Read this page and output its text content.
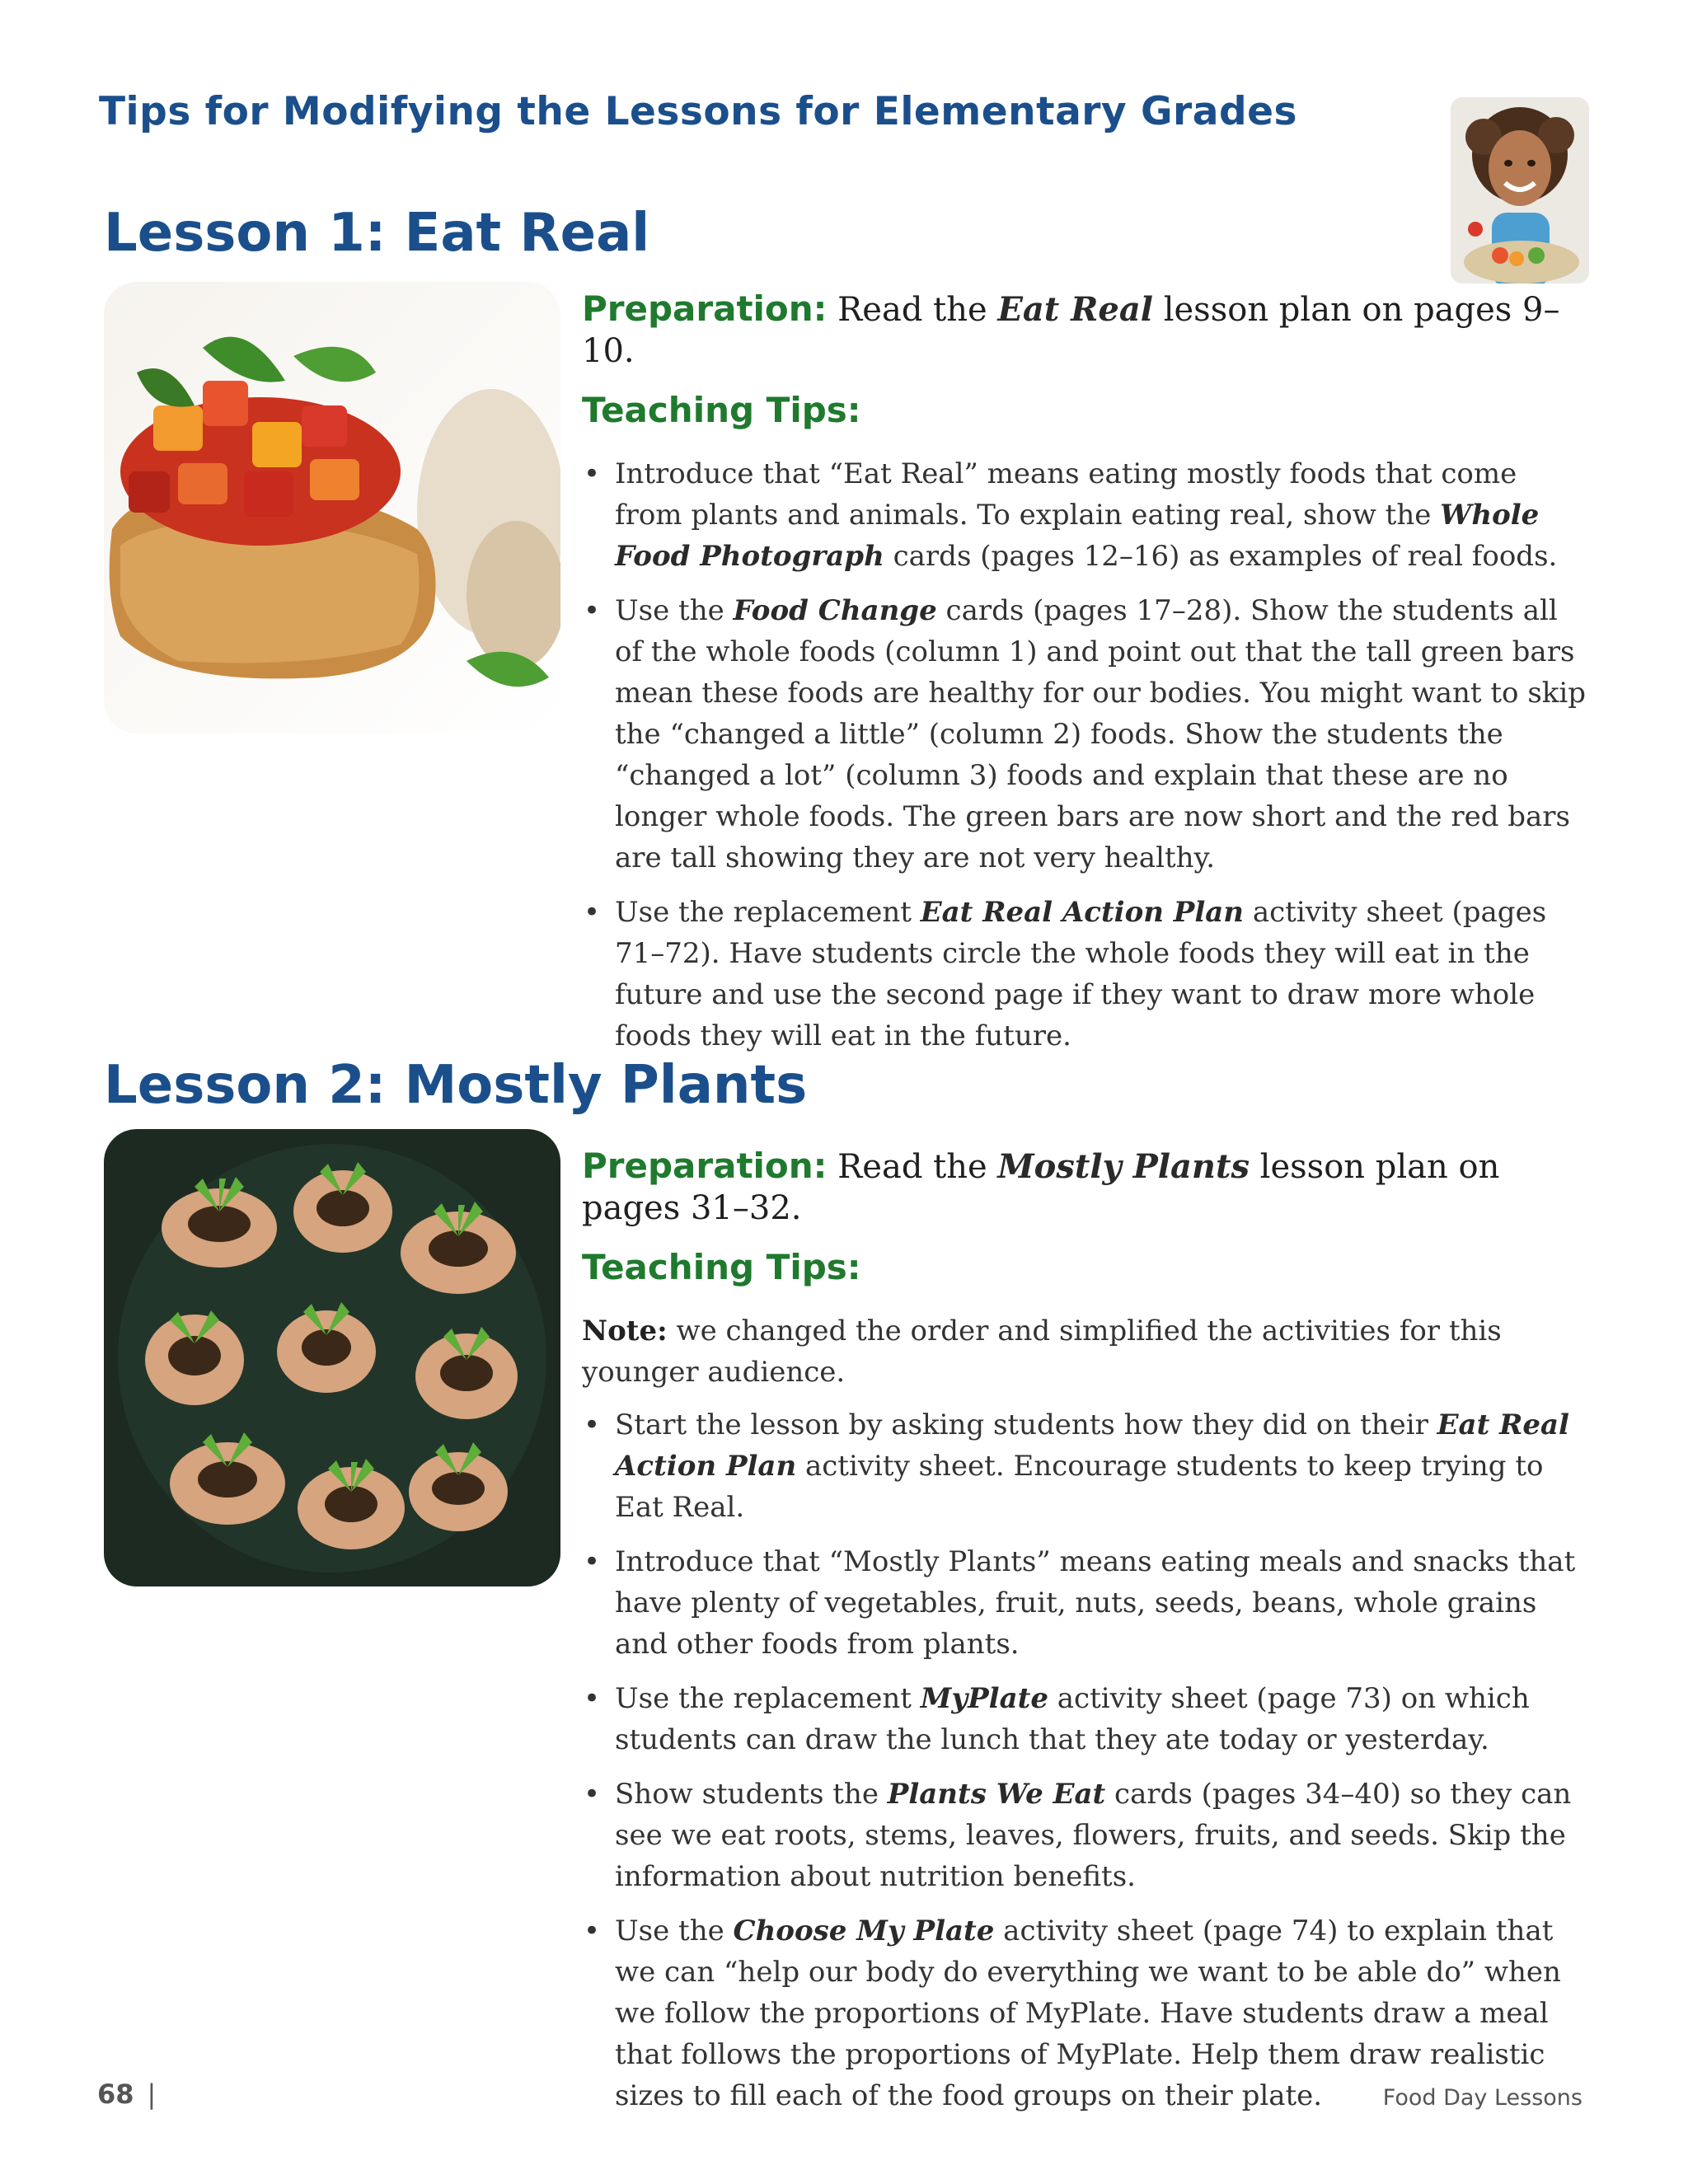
Tips for Modifying the Lessons for Elementary Grades
Lesson 1: Eat Real
Preparation: Read the Eat Real lesson plan on pages 9–10.
Teaching Tips:
• Introduce that “Eat Real” means eating mostly foods that come from plants and animals. To explain eating real, show the Whole Food Photograph cards (pages 12–16) as examples of real foods.
• Use the Food Change cards (pages 17–28). Show the students all of the whole foods (column 1) and point out that the tall green bars mean these foods are healthy for our bodies. You might want to skip the “changed a little” (column 2) foods. Show the students the “changed a lot” (column 3) foods and explain that these are no longer whole foods. The green bars are now short and the red bars are tall showing they are not very healthy.
• Use the replacement Eat Real Action Plan activity sheet (pages 71–72). Have students circle the whole foods they will eat in the future and use the second page if they want to draw more whole foods they will eat in the future.
Lesson 2: Mostly Plants
Preparation: Read the Mostly Plants lesson plan on pages 31–32.
Teaching Tips:
Note: we changed the order and simplified the activities for this younger audience.
• Start the lesson by asking students how they did on their Eat Real Action Plan activity sheet. Encourage students to keep trying to Eat Real.
• Introduce that “Mostly Plants” means eating meals and snacks that have plenty of vegetables, fruit, nuts, seeds, beans, whole grains and other foods from plants.
• Use the replacement MyPlate activity sheet (page 73) on which students can draw the lunch that they ate today or yesterday.
• Show students the Plants We Eat cards (pages 34–40) so they can see we eat roots, stems, leaves, flowers, fruits, and seeds. Skip the information about nutrition benefits.
• Use the Choose My Plate activity sheet (page 74) to explain that we can “help our body do everything we want to be able do” when we follow the proportions of MyPlate. Have students draw a meal that follows the proportions of MyPlate. Help them draw realistic sizes to fill each of the food groups on their plate.
68 |	Food Day Lessons
